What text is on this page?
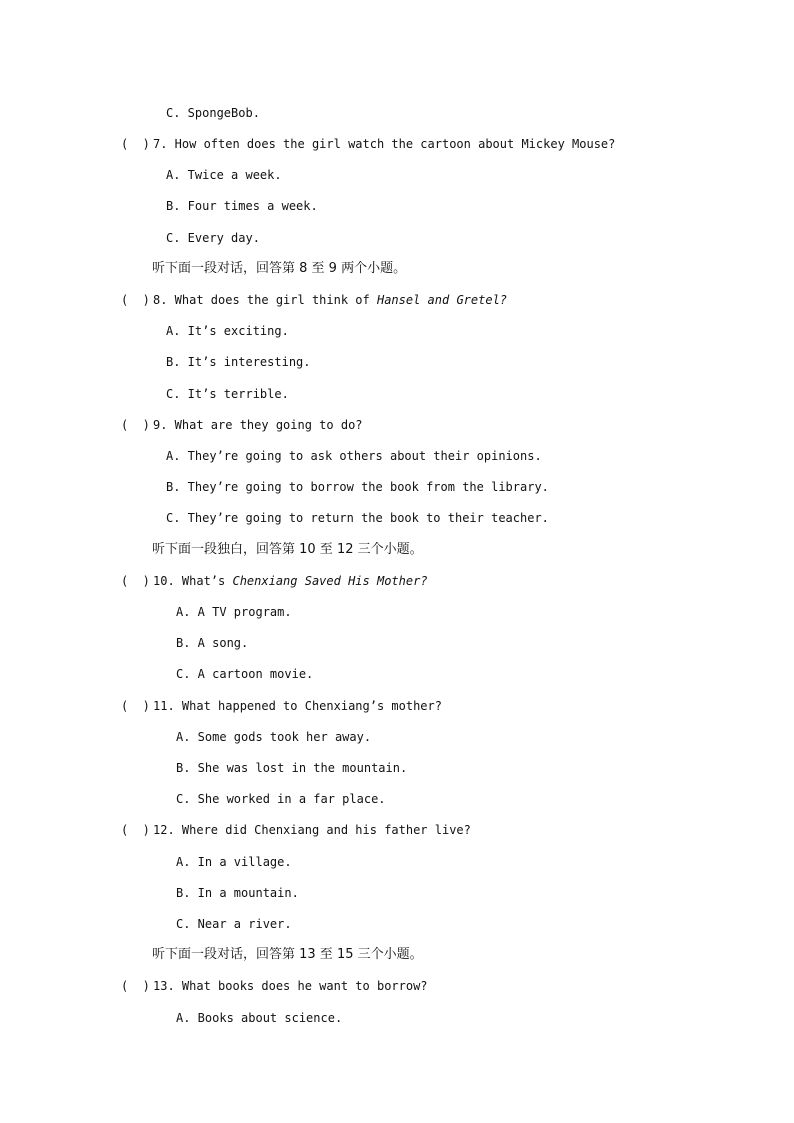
C. SpongeBob.
(  ) 7. How often does the girl watch the cartoon about Mickey Mouse?
A. Twice a week.
B. Four times a week.
C. Every day.
听下面一段对话，回答第 8 至 9 两个小题。
(  ) 8. What does the girl think of Hansel and Gretel?
A. It’s exciting.
B. It’s interesting.
C. It’s terrible.
(  ) 9. What are they going to do?
A. They’re going to ask others about their opinions.
B. They’re going to borrow the book from the library.
C. They’re going to return the book to their teacher.
听下面一段独白，回答第 10 至 12 三个小题。
(  ) 10. What’s Chenxiang Saved His Mother?
A. A TV program.
B. A song.
C. A cartoon movie.
(  ) 11. What happened to Chenxiang’s mother?
A. Some gods took her away.
B. She was lost in the mountain.
C. She worked in a far place.
(  ) 12. Where did Chenxiang and his father live?
A. In a village.
B. In a mountain.
C. Near a river.
听下面一段对话，回答第 13 至 15 三个小题。
(  ) 13. What books does he want to borrow?
A. Books about science.
